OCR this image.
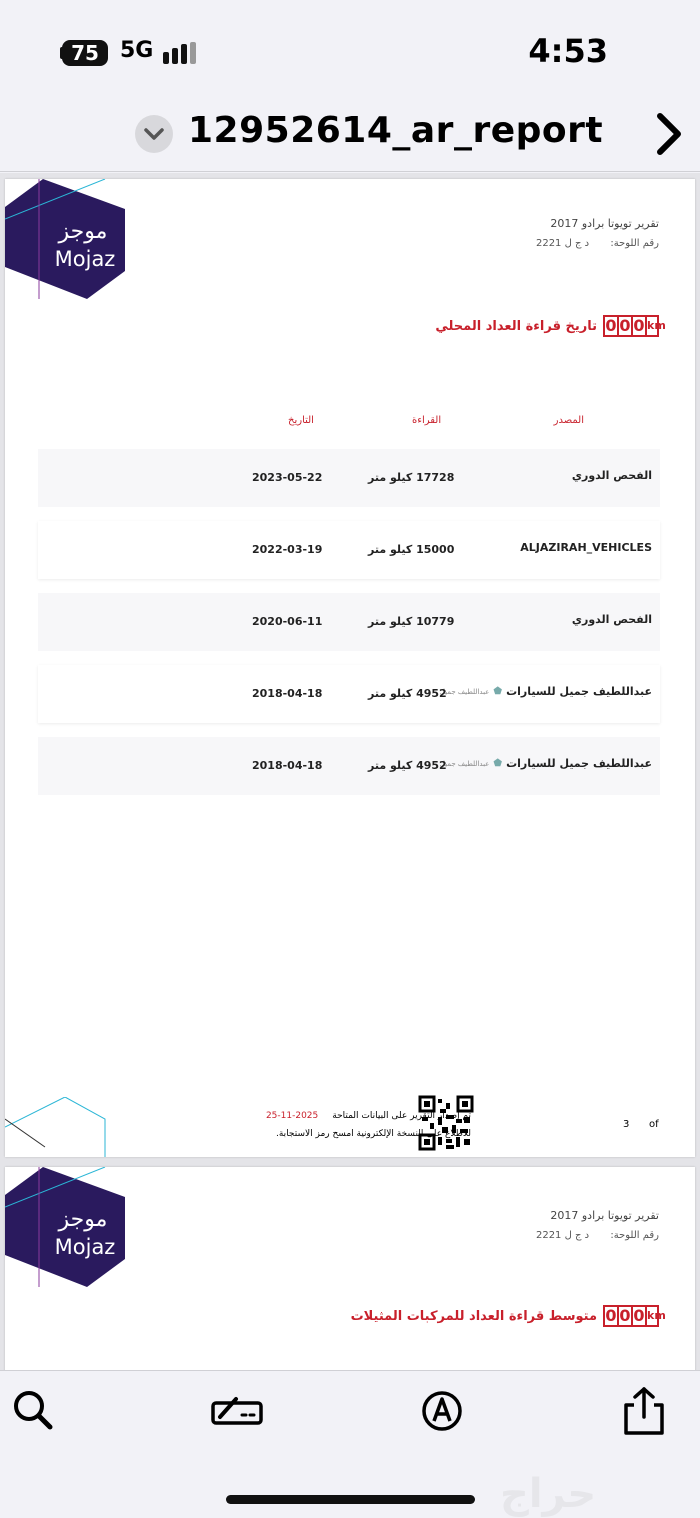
75 5G	4:53
12952614_ar_report
موجز
Mojaz
تقرير تويوتا برادو 2017
رقم اللوحة: د ج ل 2221
0 0 0 km
تاريخ قراءة العداد المحلي
المصدر
القراءة
التاريخ
الفحص الدوري
17728 كيلو متر
2023-05-22
ALJAZIRAH_VEHICLES
15000 كيلو متر
2022-03-19
الفحص الدوري
10779 كيلو متر
2020-06-11
عبداللطيف جميل للسيارات
⬟
عبداللطيف جميل
4952 كيلو متر
2018-04-18
عبداللطيف جميل للسيارات
⬟
عبداللطيف جميل
4952 كيلو متر
2018-04-18
تم إصدار التقرير على البيانات المتاحة2025-11-25
للاطلاع على النسخة الإلكترونية امسح رمز الاستجابة.
3 of
موجز
Mojaz
تقرير تويوتا برادو 2017
رقم اللوحة: د ج ل 2221
0 0 0 km
متوسط قراءة العداد للمركبات المثيلات
حراج
